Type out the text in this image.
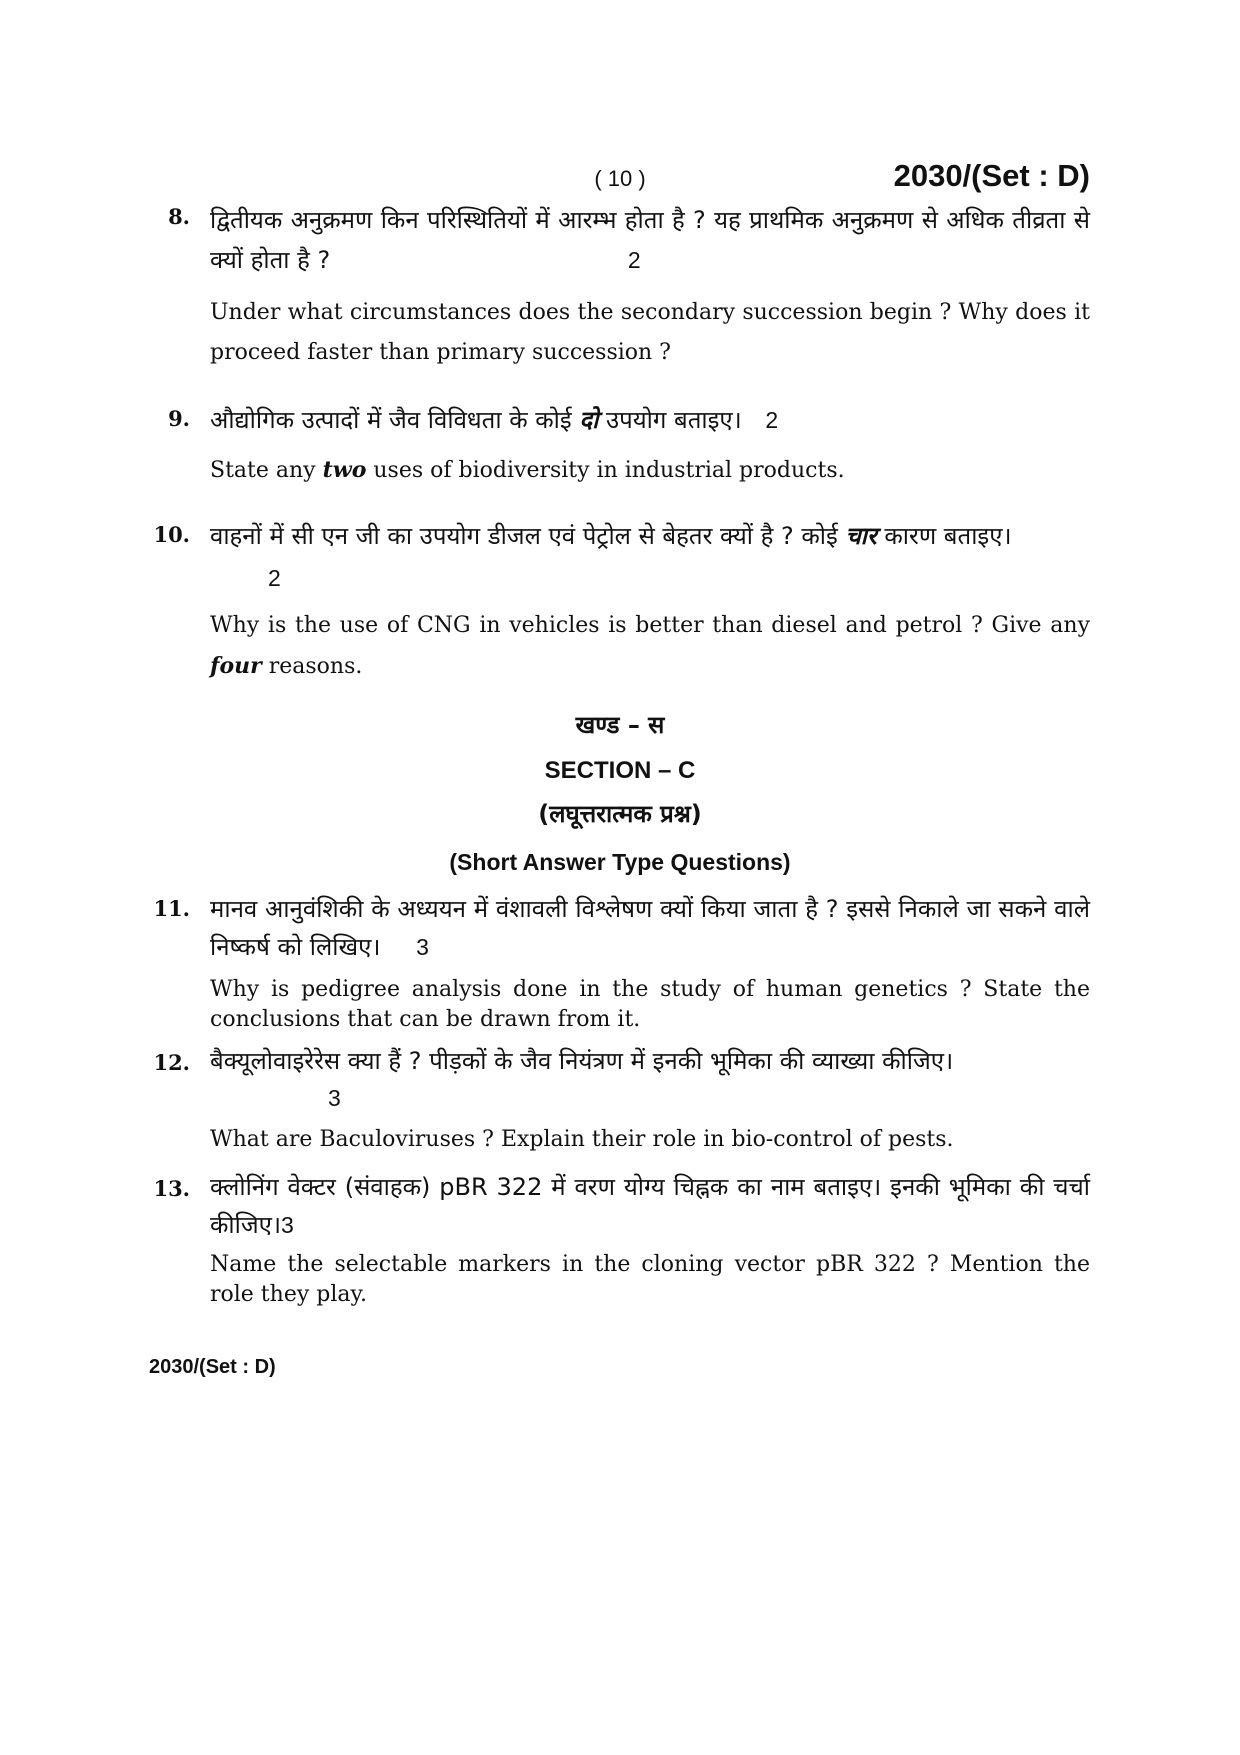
( 10 )	2030/(Set : D)
8. द्वितीयक अनुक्रमण किन परिस्थितियों में आरम्भ होता है ? यह प्राथमिक अनुक्रमण से अधिक तीव्रता से क्यों होता है ?	2
Under what circumstances does the secondary succession begin ? Why does it proceed faster than primary succession ?
9. औद्योगिक उत्पादों में जैव विविधता के कोई दो उपयोग बताइए। 2
State any two uses of biodiversity in industrial products.
10. वाहनों में सी एन जी का उपयोग डीजल एवं पेट्रोल से बेहतर क्यों है ? कोई चार कारण बताइए।
2
Why is the use of CNG in vehicles is better than diesel and petrol ? Give any four reasons.
खण्ड – स
SECTION – C
(लघूत्तरात्मक प्रश्न)
(Short Answer Type Questions)
11. मानव आनुवंशिकी के अध्ययन में वंशावली विश्लेषण क्यों किया जाता है ? इससे निकाले जा सकने वाले निष्कर्ष को लिखिए। 3
Why is pedigree analysis done in the study of human genetics ? State the conclusions that can be drawn from it.
12. बैक्यूलोवाइरेरेस क्या हैं ? पीड़कों के जैव नियंत्रण में इनकी भूमिका की व्याख्या कीजिए।
3
What are Baculoviruses ? Explain their role in bio-control of pests.
13. क्लोनिंग वेक्टर (संवाहक) pBR 322 में वरण योग्य चिह्नक का नाम बताइए। इनकी भूमिका की चर्चा कीजिए।3
Name the selectable markers in the cloning vector pBR 322 ? Mention the role they play.
2030/(Set : D)
